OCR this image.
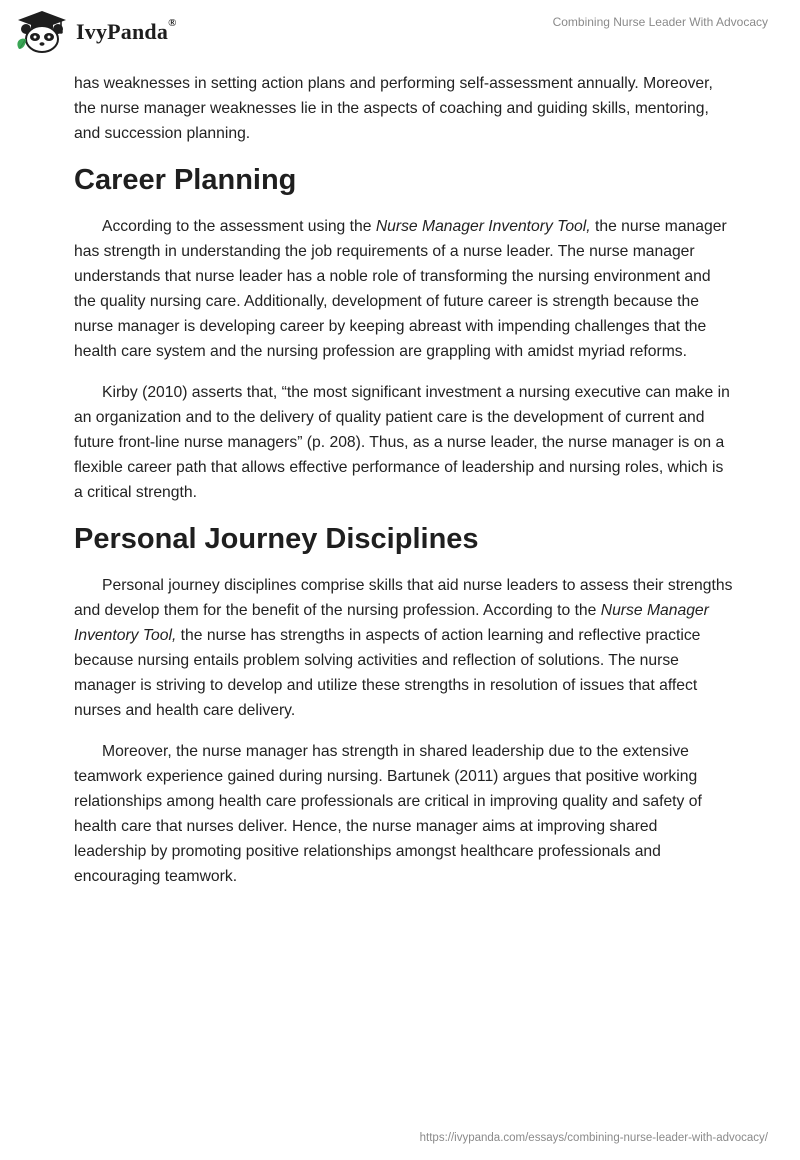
IvyPanda®	Combining Nurse Leader With Advocacy

has weaknesses in setting action plans and performing self-assessment annually. Moreover, the nurse manager weaknesses lie in the aspects of coaching and guiding skills, mentoring, and succession planning.

Career Planning

According to the assessment using the Nurse Manager Inventory Tool, the nurse manager has strength in understanding the job requirements of a nurse leader. The nurse manager understands that nurse leader has a noble role of transforming the nursing environment and the quality nursing care. Additionally, development of future career is strength because the nurse manager is developing career by keeping abreast with impending challenges that the health care system and the nursing profession are grappling with amidst myriad reforms.

Kirby (2010) asserts that, “the most significant investment a nursing executive can make in an organization and to the delivery of quality patient care is the development of current and future front-line nurse managers” (p. 208). Thus, as a nurse leader, the nurse manager is on a flexible career path that allows effective performance of leadership and nursing roles, which is a critical strength.

Personal Journey Disciplines

Personal journey disciplines comprise skills that aid nurse leaders to assess their strengths and develop them for the benefit of the nursing profession. According to the Nurse Manager Inventory Tool, the nurse has strengths in aspects of action learning and reflective practice because nursing entails problem solving activities and reflection of solutions. The nurse manager is striving to develop and utilize these strengths in resolution of issues that affect nurses and health care delivery.

Moreover, the nurse manager has strength in shared leadership due to the extensive teamwork experience gained during nursing. Bartunek (2011) argues that positive working relationships among health care professionals are critical in improving quality and safety of health care that nurses deliver. Hence, the nurse manager aims at improving shared leadership by promoting positive relationships amongst healthcare professionals and encouraging teamwork.

https://ivypanda.com/essays/combining-nurse-leader-with-advocacy/
